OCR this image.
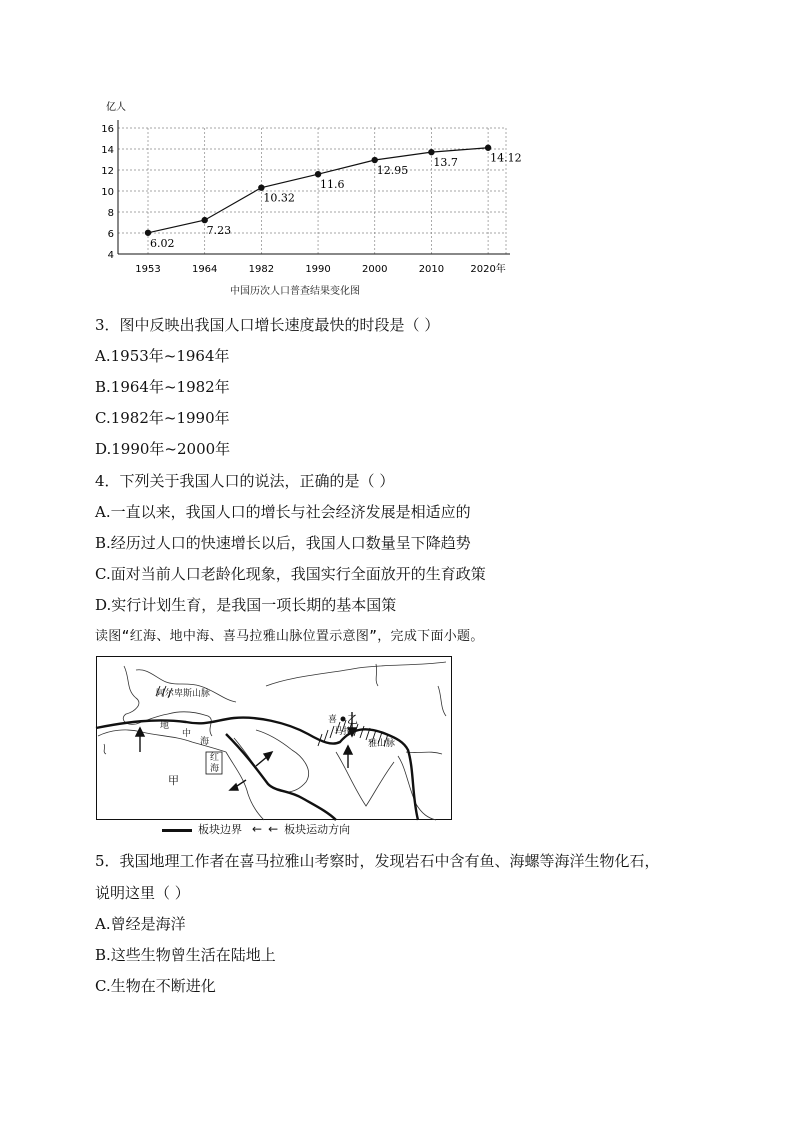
亿人
4
6
8
10
12
14
16
1953	1964	1982	1990	2000	2010	2020年
6.02
7.23
10.32
11.6
12.95
13.7	14.12
中国历次人口普查结果变化图
3．图中反映出我国人口增长速度最快的时段是（ ）
A.1953年~1964年
B.1964年~1982年
C.1982年~1990年
D.1990年~2000年
4．下列关于我国人口的说法，正确的是（ ）
A.一直以来，我国人口的增长与社会经济发展是相适应的
B.经历过人口的快速增长以后，我国人口数量呈下降趋势
C.面对当前人口老龄化现象，我国实行全面放开的生育政策
D.实行计划生育，是我国一项长期的基本国策
读图“红海、地中海、喜马拉雅山脉位置示意图”，完成下面小题。
阿尔卑斯山脉
地
中
海
红
海
甲
乙
喜
马拉
雅山脉
板块边界 ← ← 板块运动方向
5．我国地理工作者在喜马拉雅山考察时，发现岩石中含有鱼、海螺等海洋生物化石，
说明这里（ ）
A.曾经是海洋
B.这些生物曾生活在陆地上
C.生物在不断进化
